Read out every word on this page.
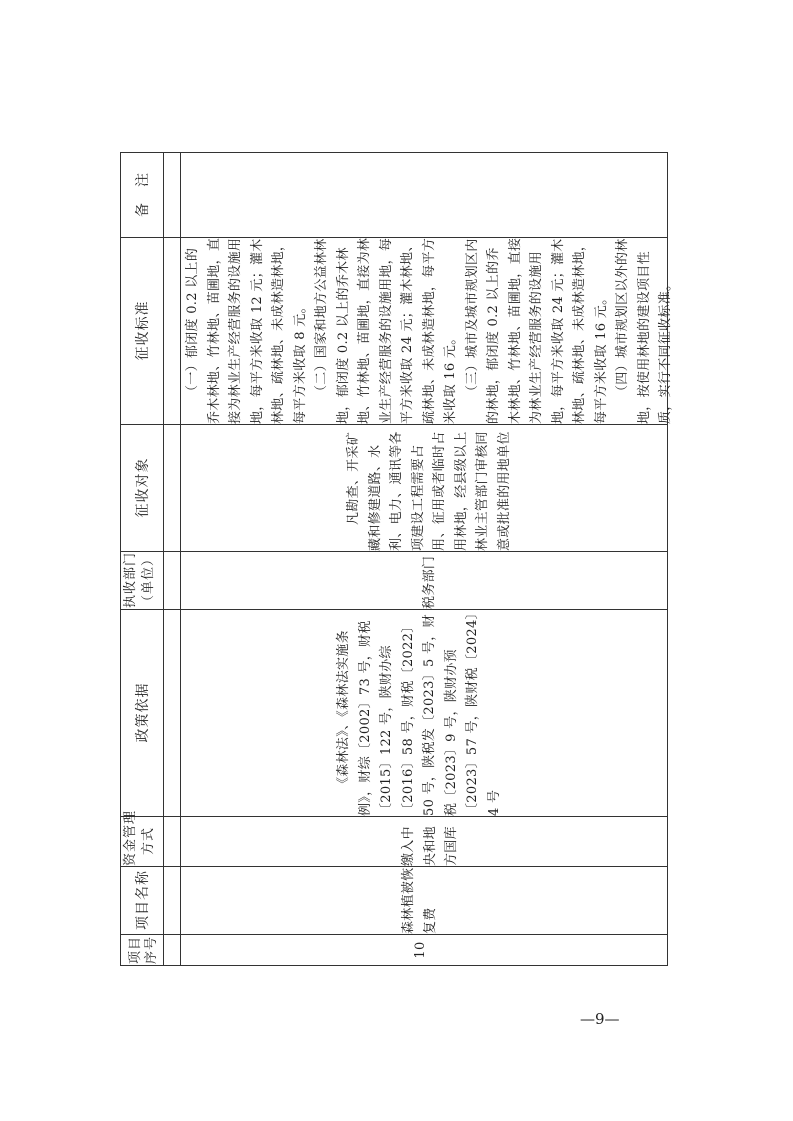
项目
序号
项目名称
资金管理
方式
政策依据
执收部门
（单位）
征收对象
征收标准
备　注
10
森林植被恢复费
缴入中央和地方国库

《森林法》、《森林法实施条例》，财综〔2002〕73 号，财税〔2015〕122 号，陕财办综〔2016〕58 号，财税〔2022〕50 号，陕税发〔2023〕5 号，财税〔2023〕9 号，陕财办预〔2023〕57 号，陕财税〔2024〕4 号

税务部门

凡勘查、开采矿藏和修建道路、水利、电力、通讯等各项建设工程需要占用、征用或者临时占用林地，经县级以上林业主管部门审核同意或批准的用地单位

（一）郁闭度 0.2 以上的乔木林地、竹林地、苗圃地，直接为林业生产经营服务的设施用地，每平方米收取 12 元；灌木林地、疏林地、未成林造林地，每平方米收取 8 元。 （二）国家和地方公益林林地，郁闭度 0.2 以上的乔木林地、竹林地、苗圃地，直接为林业生产经营服务的设施用地，每平方米收取 24 元；灌木林地、疏林地、未成林造林地，每平方米收取 16 元。 （三）城市及城市规划区内的林地，郁闭度 0.2 以上的乔木林地、竹林地、苗圃地，直接为林业生产经营服务的设施用地，每平方米收取 24 元；灌木林地、疏林地、未成林造林地，每平方米收取 16 元。 （四）城市规划区以外的林地，按使用林地的建设项目性质，实行不同征收标准。

—9—
